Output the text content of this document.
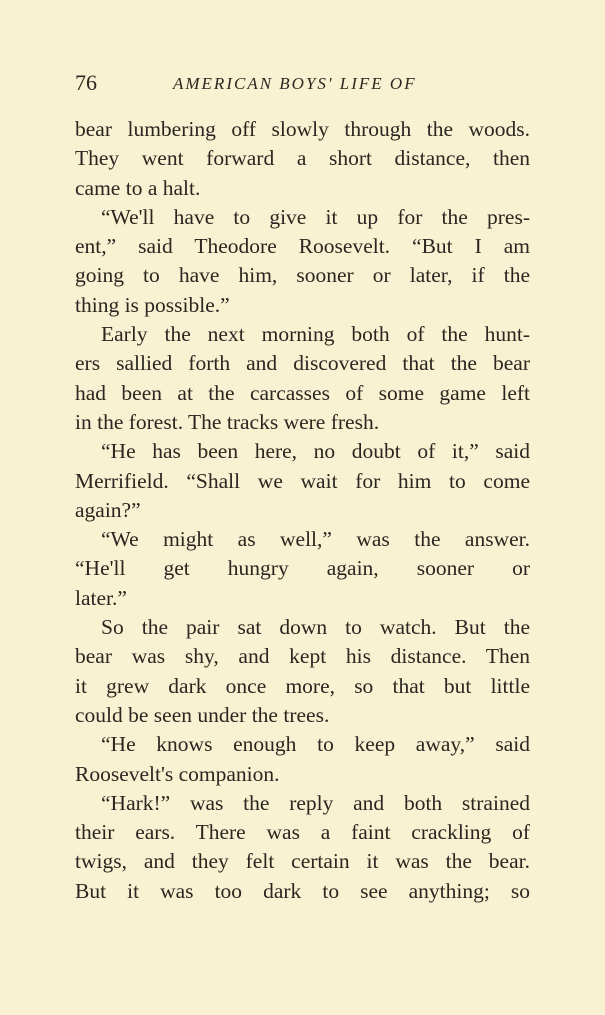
76	AMERICAN BOYS' LIFE OF
bear lumbering off slowly through the woods.
They went forward a short distance, then
came to a halt.
“We'll have to give it up for the pres-
ent,” said Theodore Roosevelt. “But I am
going to have him, sooner or later, if the
thing is possible.”
Early the next morning both of the hunt-
ers sallied forth and discovered that the bear
had been at the carcasses of some game left
in the forest. The tracks were fresh.
“He has been here, no doubt of it,” said
Merrifield. “Shall we wait for him to come
again?”
“We might as well,” was the answer.
“He'll get hungry again, sooner or
later.”
So the pair sat down to watch. But the
bear was shy, and kept his distance. Then
it grew dark once more, so that but little
could be seen under the trees.
“He knows enough to keep away,” said
Roosevelt's companion.
“Hark!” was the reply and both strained
their ears. There was a faint crackling of
twigs, and they felt certain it was the bear.
But it was too dark to see anything; so
